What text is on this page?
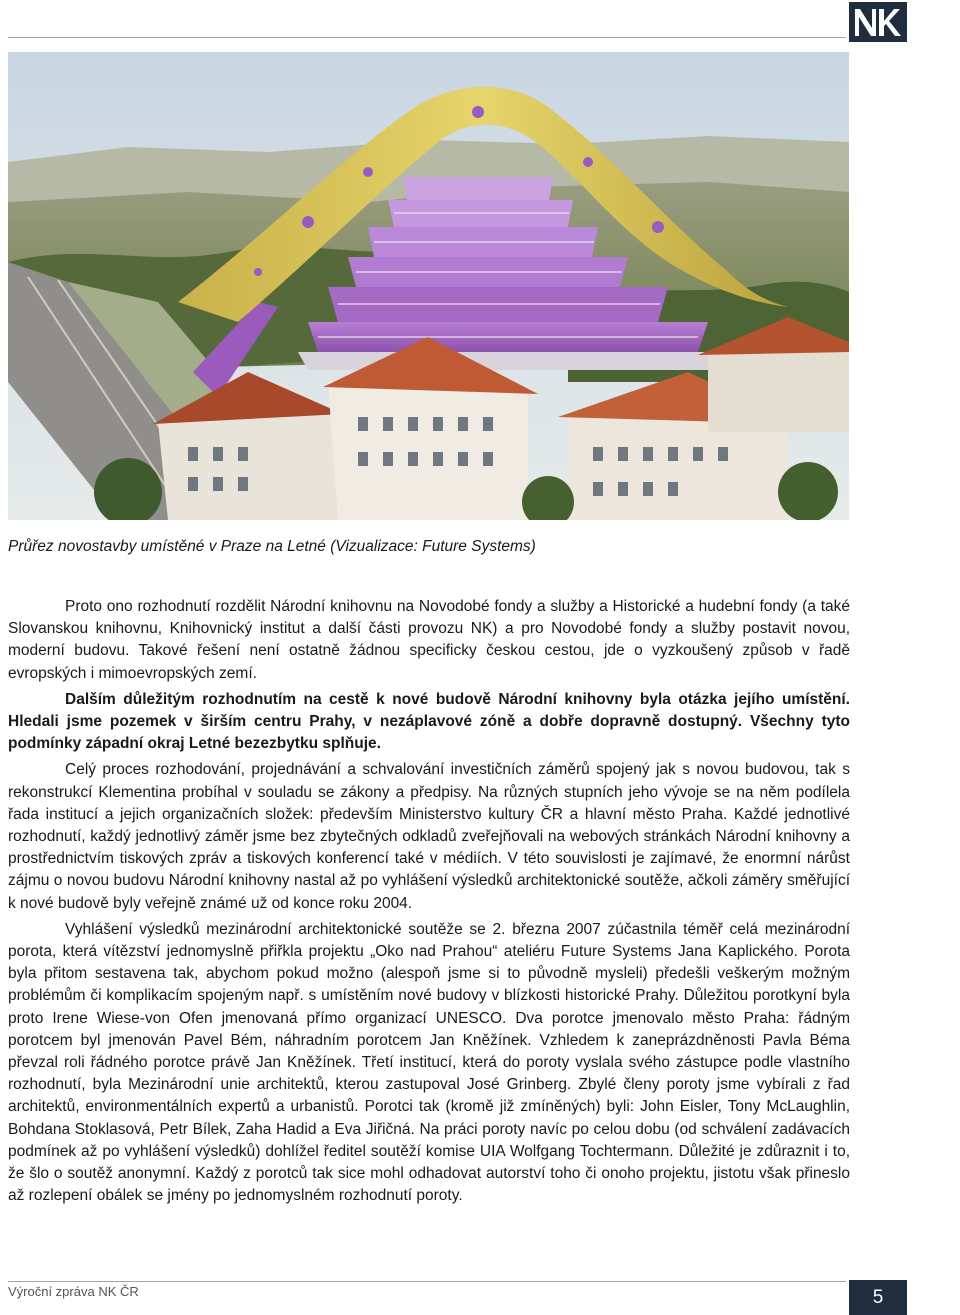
Průřez novostavby umístěné v Praze na Letné (Vizualizace: Future Systems)

Proto ono rozhodnutí rozdělit Národní knihovnu na Novodobé fondy a služby a Historické a hudební fondy (a také Slovanskou knihovnu, Knihovnický institut a další části provozu NK) a pro Novodobé fondy a služby postavit novou, moderní budovu. Takové řešení není ostatně žádnou specificky českou cestou, jde o vyzkoušený způsob v řadě evropských i mimoevropských zemí.

Dalším důležitým rozhodnutím na cestě k nové budově Národní knihovny byla otázka jejího umístění. Hledali jsme pozemek v širším centru Prahy, v nezáplavové zóně a dobře dopravně dostupný. Všechny tyto podmínky západní okraj Letné bezezbytku splňuje.

Celý proces rozhodování, projednávání a schvalování investičních záměrů spojený jak s novou budovou, tak s rekonstrukcí Klementina probíhal v souladu se zákony a předpisy. Na různých stupních jeho vývoje se na něm podílela řada institucí a jejich organizačních složek: především Ministerstvo kultury ČR a hlavní město Praha. Každé jednotlivé rozhodnutí, každý jednotlivý záměr jsme bez zbytečných odkladů zveřejňovali na webových stránkách Národní knihovny a prostřednictvím tiskových zpráv a tiskových konferencí také v médiích. V této souvislosti je zajímavé, že enormní nárůst zájmu o novou budovu Národní knihovny nastal až po vyhlášení výsledků architektonické soutěže, ačkoli záměry směřující k nové budově byly veřejně známé už od konce roku 2004.

Vyhlášení výsledků mezinárodní architektonické soutěže se 2. března 2007 zúčastnila téměř celá mezinárodní porota, která vítězství jednomyslně přiřkla projektu „Oko nad Prahou“ ateliéru Future Systems Jana Kaplického. Porota byla přitom sestavena tak, abychom pokud možno (alespoň jsme si to původně mysleli) předešli veškerým možným problémům či komplikacím spojeným např. s umístěním nové budovy v blízkosti historické Prahy. Důležitou porotkyní byla proto Irene Wiese-von Ofen jmenovaná přímo organizací UNESCO. Dva porotce jmenovalo město Praha: řádným porotcem byl jmenován Pavel Bém, náhradním porotcem Jan Kněžínek. Vzhledem k zaneprázdněnosti Pavla Béma převzal roli řádného porotce právě Jan Kněžínek. Třetí institucí, která do poroty vyslala svého zástupce podle vlastního rozhodnutí, byla Mezinárodní unie architektů, kterou zastupoval José Grinberg. Zbylé členy poroty jsme vybírali z řad architektů, environmentálních expertů a urbanistů. Porotci tak (kromě již zmíněných) byli: John Eisler, Tony McLaughlin, Bohdana Stoklasová, Petr Bílek, Zaha Hadid a Eva Jiřičná. Na práci poroty navíc po celou dobu (od schválení zadávacích podmínek až po vyhlášení výsledků) dohlížel ředitel soutěží komise UIA Wolfgang Tochtermann. Důležité je zdůraznit i to, že šlo o soutěž anonymní. Každý z porotců tak sice mohl odhadovat autorství toho či onoho projektu, jistotu však přineslo až rozlepení obálek se jmény po jednomyslném rozhodnutí poroty.

Výroční zpráva NK ČR	5
